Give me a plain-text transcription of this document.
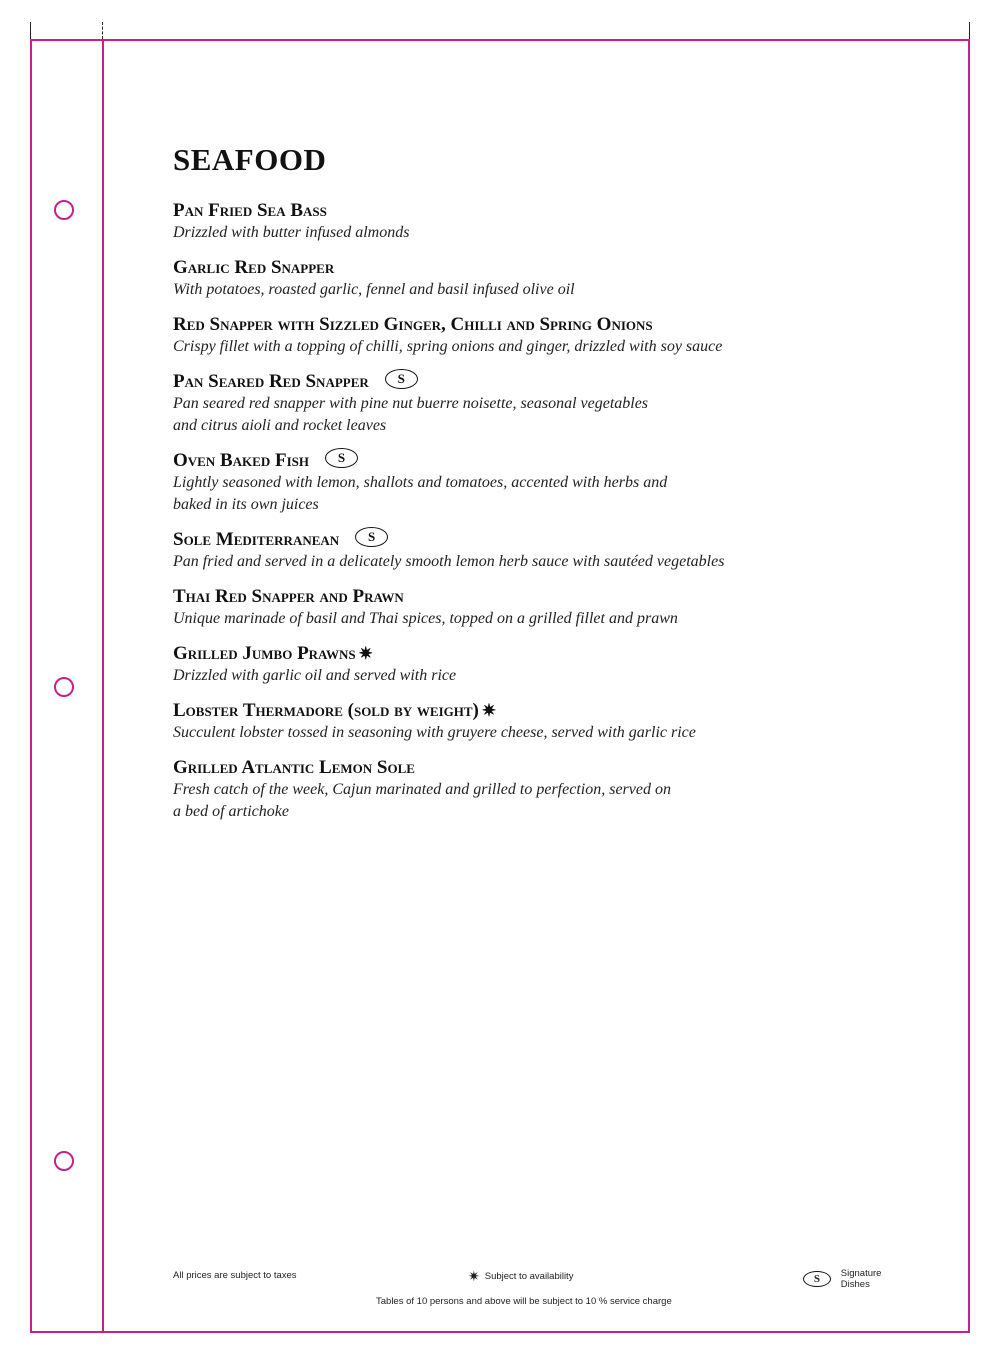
SEAFOOD
Pan Fried Sea Bass
Drizzled with butter infused almonds
Garlic Red Snapper
With potatoes, roasted garlic, fennel and basil infused olive oil
Red Snapper with Sizzled Ginger, Chilli and Spring Onions
Crispy fillet with a topping of chilli, spring onions and ginger, drizzled with soy sauce
Pan Seared Red Snapper	S
Pan seared red snapper with pine nut buerre noisette, seasonal vegetables and citrus aioli and rocket leaves
Oven Baked Fish	S
Lightly seasoned with lemon, shallots and tomatoes, accented with herbs and baked in its own juices
Sole Mediterranean	S
Pan fried and served in a delicately smooth lemon herb sauce with sautéed vegetables
Thai Red Snapper and Prawn
Unique marinade of basil and Thai spices, topped on a grilled fillet and prawn
Grilled Jumbo Prawns ✷
Drizzled with garlic oil and served with rice
Lobster Thermadore (sold by weight) ✷
Succulent lobster tossed in seasoning with gruyere cheese, served with garlic rice
Grilled Atlantic Lemon Sole
Fresh catch of the week, Cajun marinated and grilled to perfection, served on a bed of artichoke
All prices are subject to taxes	✷ Subject to availability	S	Signature Dishes
Tables of 10 persons and above will be subject to 10 % service charge
